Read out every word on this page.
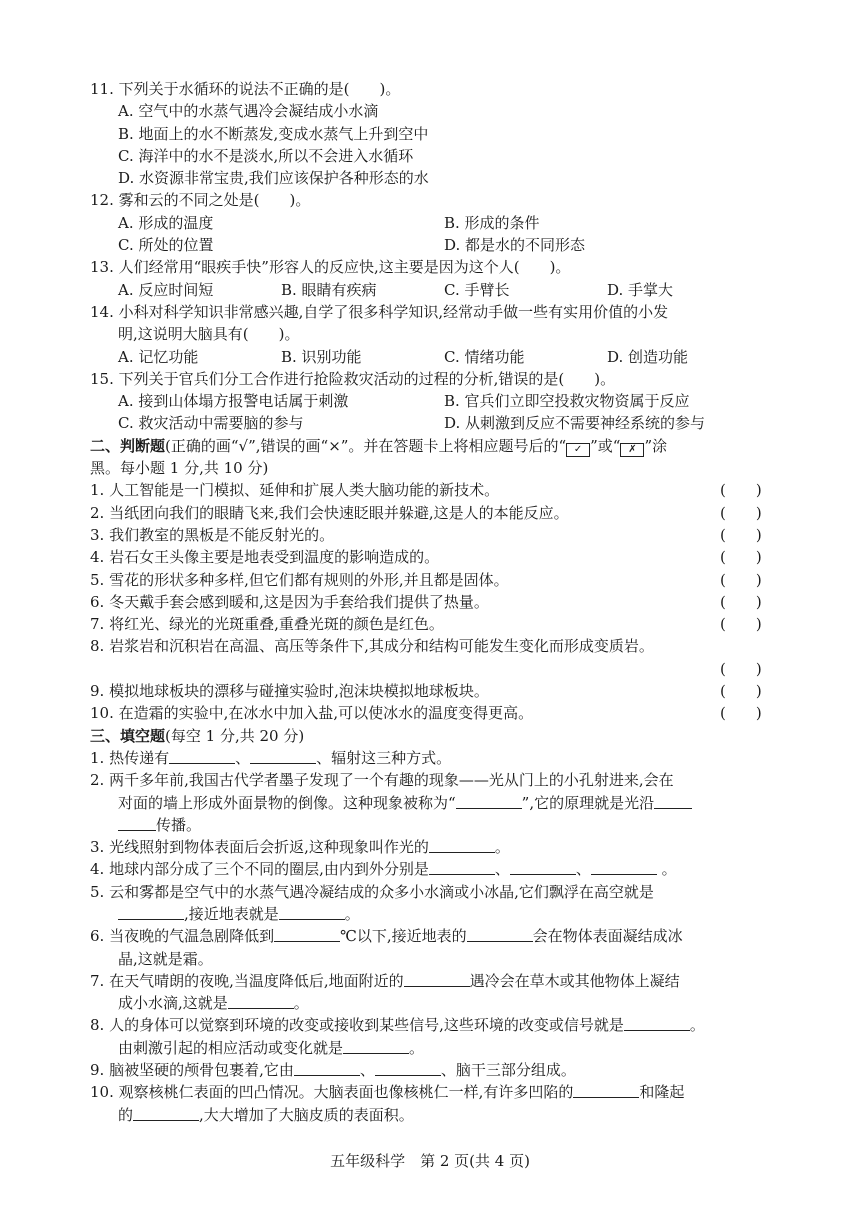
11. 下列关于水循环的说法不正确的是(　　)。
A. 空气中的水蒸气遇冷会凝结成小水滴
B. 地面上的水不断蒸发,变成水蒸气上升到空中
C. 海洋中的水不是淡水,所以不会进入水循环
D. 水资源非常宝贵,我们应该保护各种形态的水
12. 雾和云的不同之处是(　　)。
A. 形成的温度	B. 形成的条件
C. 所处的位置	D. 都是水的不同形态
13. 人们经常用“眼疾手快”形容人的反应快,这主要是因为这个人(　　)。
A. 反应时间短	B. 眼睛有疾病	C. 手臂长	D. 手掌大
14. 小科对科学知识非常感兴趣,自学了很多科学知识,经常动手做一些有实用价值的小发
明,这说明大脑具有(　　)。
A. 记忆功能	B. 识别功能	C. 情绪功能	D. 创造功能
15. 下列关于官兵们分工合作进行抢险救灾活动的过程的分析,错误的是(　　)。
A. 接到山体塌方报警电话属于刺激	B. 官兵们立即空投救灾物资属于反应
C. 救灾活动中需要脑的参与	D. 从刺激到反应不需要神经系统的参与
二、判断题(正确的画“√”,错误的画“×”。并在答题卡上将相应题号后的“ ✓ ”或“ ✗ ”涂
黑。每小题 1 分,共 10 分)
1. 人工智能是一门模拟、延伸和扩展人类大脑功能的新技术。	(　　)
2. 当纸团向我们的眼睛飞来,我们会快速眨眼并躲避,这是人的本能反应。	(　　)
3. 我们教室的黑板是不能反射光的。	(　　)
4. 岩石女王头像主要是地表受到温度的影响造成的。	(　　)
5. 雪花的形状多种多样,但它们都有规则的外形,并且都是固体。	(　　)
6. 冬天戴手套会感到暖和,这是因为手套给我们提供了热量。	(　　)
7. 将红光、绿光的光斑重叠,重叠光斑的颜色是红色。	(　　)
8. 岩浆岩和沉积岩在高温、高压等条件下,其成分和结构可能发生变化而形成变质岩。
(　　)
9. 模拟地球板块的漂移与碰撞实验时,泡沫块模拟地球板块。	(　　)
10. 在造霜的实验中,在冰水中加入盐,可以使冰水的温度变得更高。	(　　)
三、填空题(每空 1 分,共 20 分)
1. 热传递有	、	、辐射这三种方式。
2. 两千多年前,我国古代学者墨子发现了一个有趣的现象——光从门上的小孔射进来,会在
对面的墙上形成外面景物的倒像。这种现象被称为“	”,它的原理就是光沿
传播。
3. 光线照射到物体表面后会折返,这种现象叫作光的	。
4. 地球内部分成了三个不同的圈层,由内到外分别是	、	、	。
5. 云和雾都是空气中的水蒸气遇冷凝结成的众多小水滴或小冰晶,它们飘浮在高空就是
,接近地表就是	。
6. 当夜晚的气温急剧降低到	℃以下,接近地表的	会在物体表面凝结成冰
晶,这就是霜。
7. 在天气晴朗的夜晚,当温度降低后,地面附近的	遇冷会在草木或其他物体上凝结
成小水滴,这就是	。
8. 人的身体可以觉察到环境的改变或接收到某些信号,这些环境的改变或信号就是	。
由刺激引起的相应活动或变化就是	。
9. 脑被坚硬的颅骨包裹着,它由	、	、脑干三部分组成。
10. 观察核桃仁表面的凹凸情况。大脑表面也像核桃仁一样,有许多凹陷的	和隆起
的	,大大增加了大脑皮质的表面积。
五年级科学　第 2 页(共 4 页)
